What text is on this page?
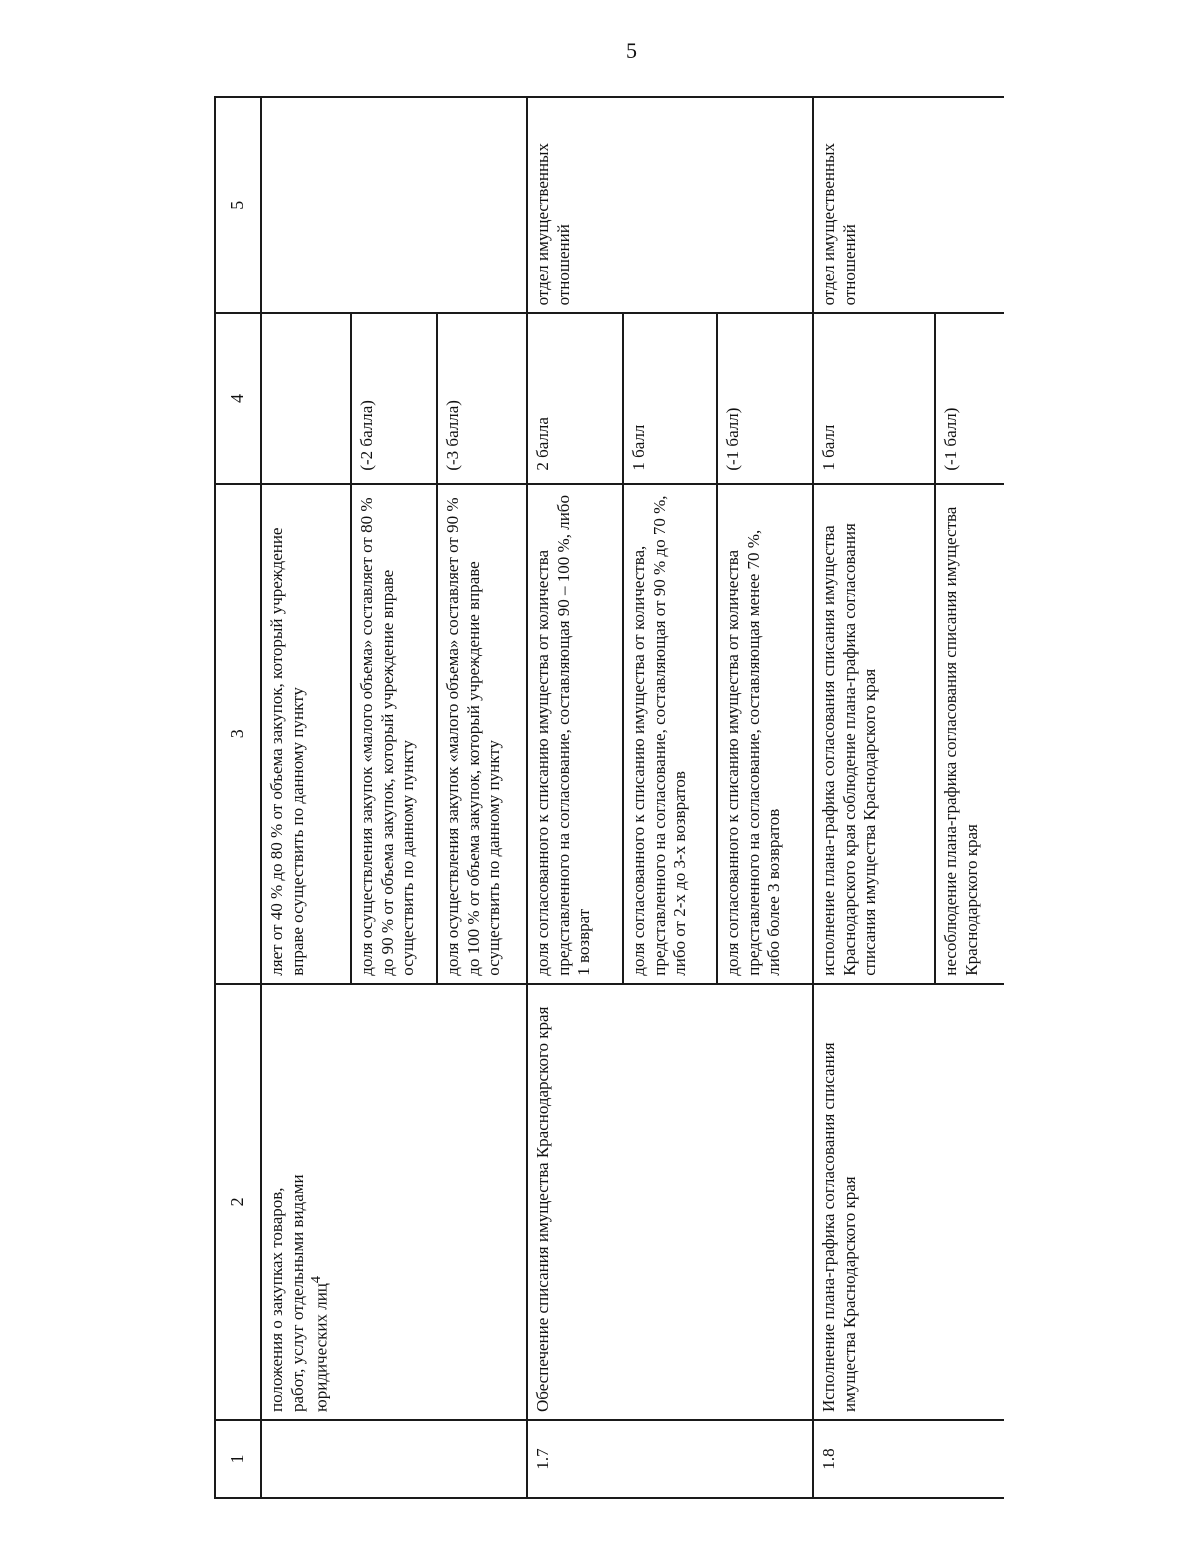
5
1	2	3	4	5
	положения о закупках товаров, работ, услуг отдельными видами юридических лиц$^4$	ляет от 40 % до 80 % от объема закупок, который учреждение вправе осуществить по данному пункту		
		доля осуществления закупок «малого объема» составляет от 80 % до 90 % от объема закупок, который учреждение вправе осуществить по данному пункту	(-2 балла)	
		доля осуществления закупок «малого объема» составляет от 90 % до 100 % от объема закупок, который учреждение вправе осуществить по данному пункту	(-3 балла)	
1.7	Обеспечение списания имущества Краснодарского края	доля согласованного к списанию имущества от количества представленного на согласование, составляющая 90 – 100 %, либо 1 возврат	2 балла	отдел имущественных отношений
		доля согласованного к списанию имущества от количества, представленного на согласование, составляющая от 90 % до 70 %, либо от 2-х до 3-х возвратов	1 балл	
		доля согласованного к списанию имущества от количества представленного на согласование, составляющая менее 70 %, либо более 3 возвратов	(-1 балл)	
1.8	Исполнение плана-графика согласования списания имущества Краснодарского края	исполнение плана-графика согласования списания имущества Краснодарского края соблюдение плана-графика согласования списания имущества Краснодарского края	1 балл	отдел имущественных отношений
		несоблюдение плана-графика согласования списания имущества Краснодарского края	(-1 балл)	
